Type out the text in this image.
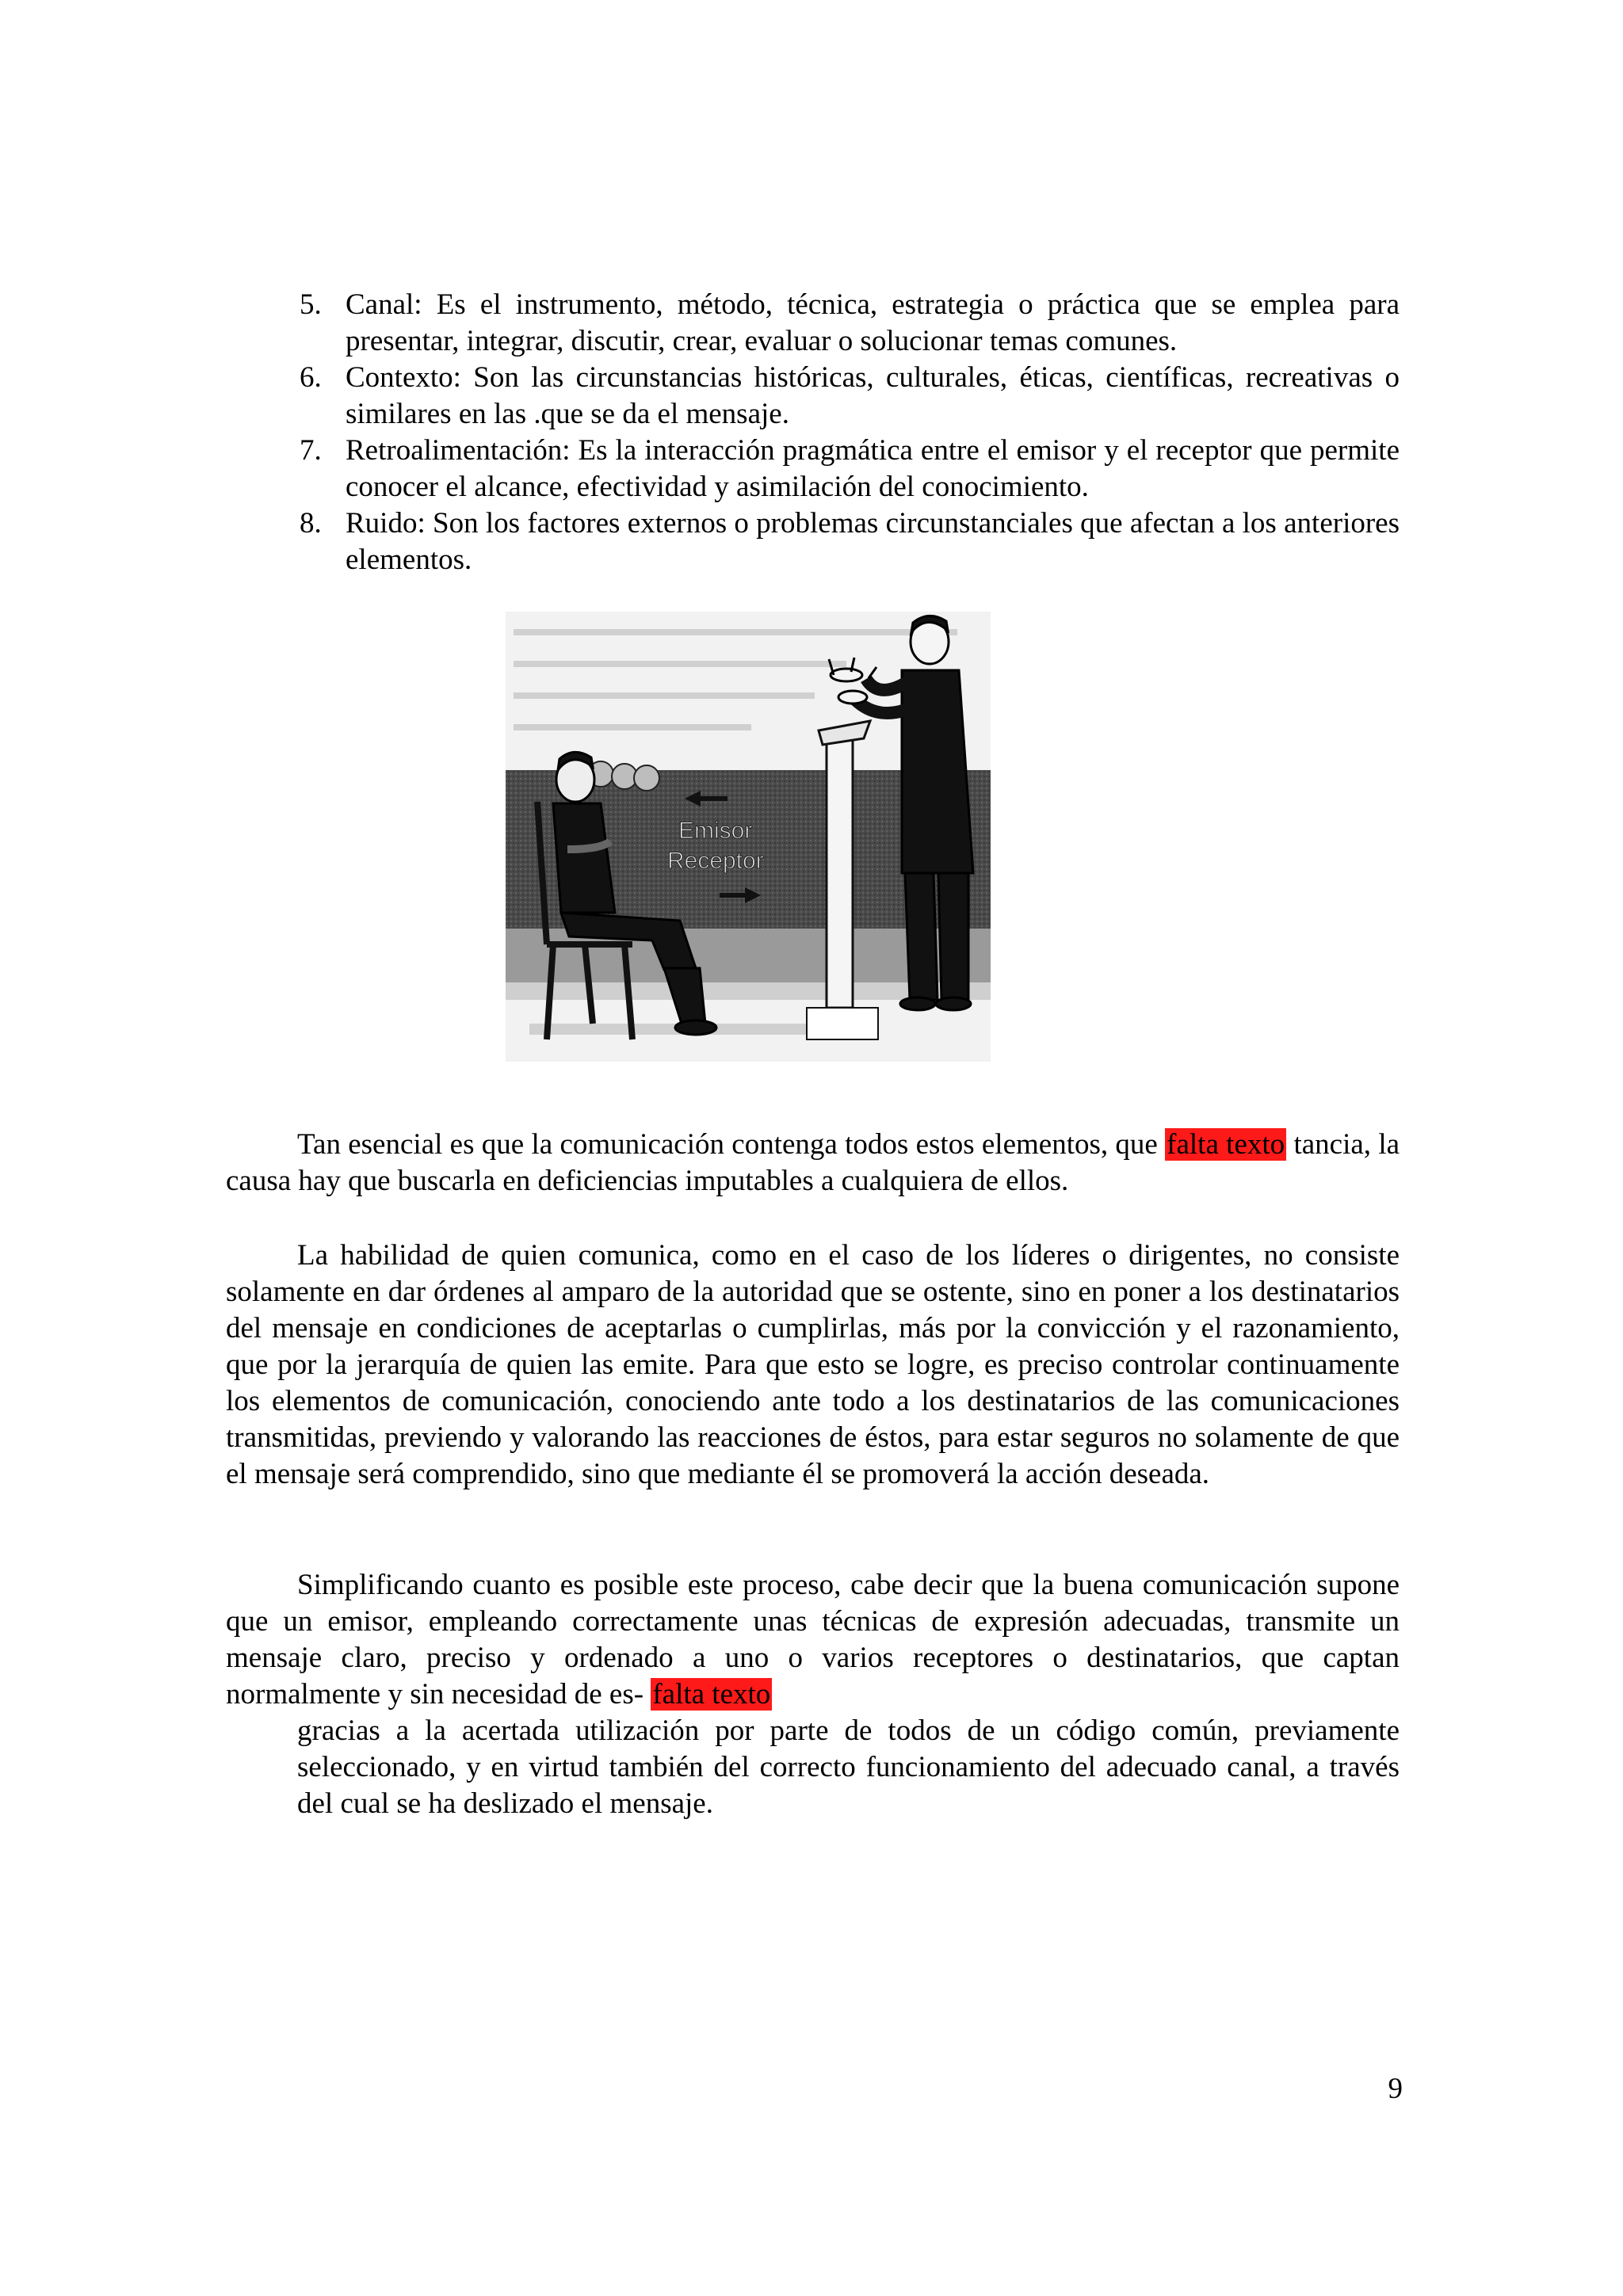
5. Canal: Es el instrumento, método, técnica, estrategia o práctica que se emplea para presentar, integrar, discutir, crear, evaluar o solucionar temas comunes.
6. Contexto: Son las circunstancias históricas, culturales, éticas, científicas, recreativas o similares en las .que se da el mensaje.
7. Retroalimentación: Es la interacción pragmática entre el emisor y el receptor que permite conocer el alcance, efectividad y asimilación del conocimiento.
8. Ruido: Son los factores externos o problemas circunstanciales que afectan a los anteriores elementos.
Emisor
Receptor
Tan esencial es que la comunicación contenga todos estos elementos, que falta texto tancia, la causa hay que buscarla en deficiencias imputables a cualquiera de ellos.
La habilidad de quien comunica, como en el caso de los líderes o dirigentes, no consiste solamente en dar órdenes al amparo de la autoridad que se ostente, sino en poner a los destinatarios del mensaje en condiciones de aceptarlas o cumplirlas, más por la convicción y el razonamiento, que por la jerarquía de quien las emite. Para que esto se logre, es preciso controlar continuamente los elementos de comunicación, conociendo ante todo a los destinatarios de las comunicaciones transmitidas, previendo y valorando las reacciones de éstos, para estar seguros no solamente de que el mensaje será comprendido, sino que mediante él se promoverá la acción deseada.
Simplificando cuanto es posible este proceso, cabe decir que la buena comunicación supone que un emisor, empleando correctamente unas técnicas de expresión adecuadas, transmite un mensaje claro, preciso y ordenado a uno o varios receptores o destinatarios, que captan normalmente y sin necesidad de es- falta texto
gracias a la acertada utilización por parte de todos de un código común, previamente seleccionado, y en virtud también del correcto funcionamiento del adecuado canal, a través del cual se ha deslizado el mensaje.
9
